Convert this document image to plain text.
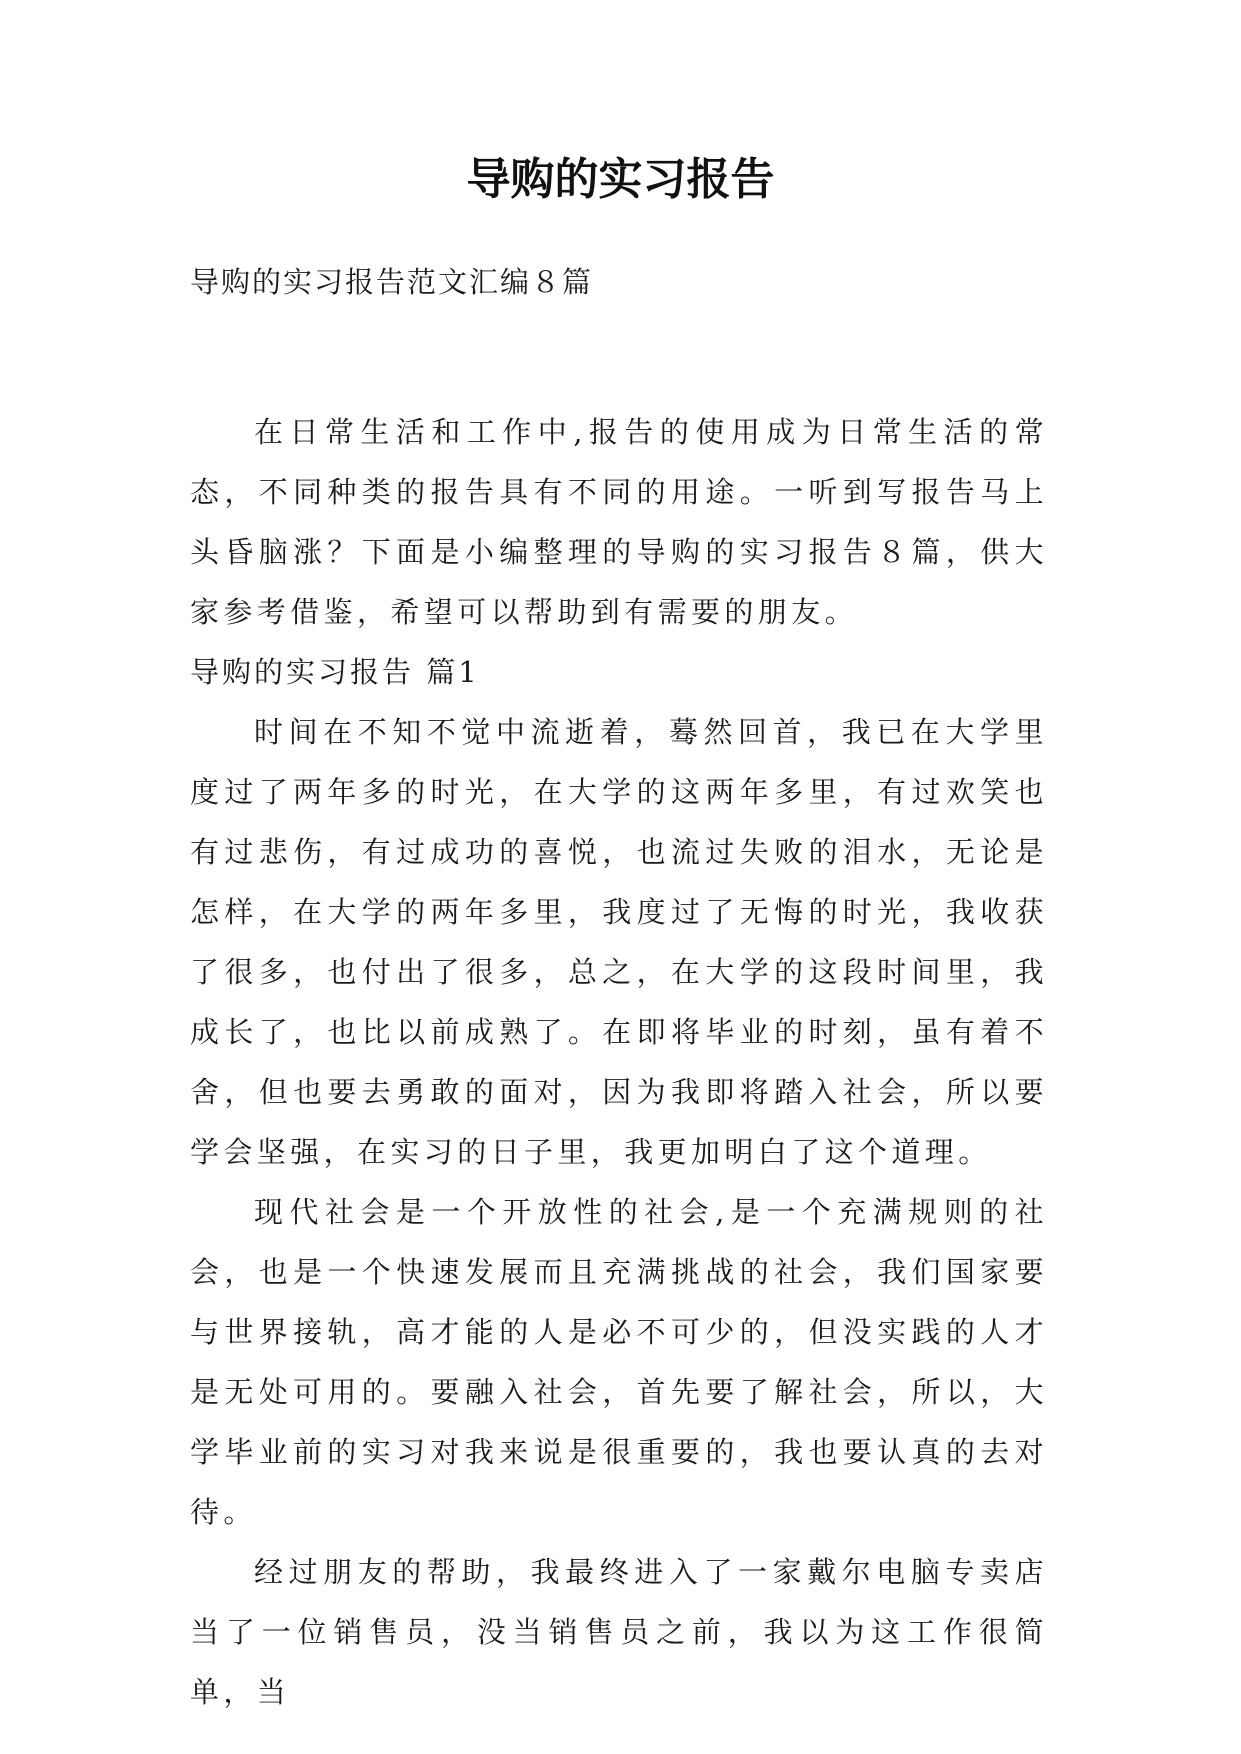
导购的实习报告

导购的实习报告范文汇编８篇

在日常生活和工作中,报告的使用成为日常生活的常态，不同种类的报告具有不同的用途。一听到写报告马上头昏脑涨？下面是小编整理的导购的实习报告８篇，供大家参考借鉴，希望可以帮助到有需要的朋友。

导购的实习报告 篇1

时间在不知不觉中流逝着，蓦然回首，我已在大学里度过了两年多的时光，在大学的这两年多里，有过欢笑也有过悲伤，有过成功的喜悦，也流过失败的泪水，无论是怎样，在大学的两年多里，我度过了无悔的时光，我收获了很多，也付出了很多，总之，在大学的这段时间里，我成长了，也比以前成熟了。在即将毕业的时刻，虽有着不舍，但也要去勇敢的面对，因为我即将踏入社会，所以要学会坚强，在实习的日子里，我更加明白了这个道理。

现代社会是一个开放性的社会,是一个充满规则的社会，也是一个快速发展而且充满挑战的社会，我们国家要与世界接轨，高才能的人是必不可少的，但没实践的人才是无处可用的。要融入社会，首先要了解社会，所以，大学毕业前的实习对我来说是很重要的，我也要认真的去对待。

经过朋友的帮助，我最终进入了一家戴尔电脑专卖店当了一位销售员，没当销售员之前，我以为这工作很简单，当
